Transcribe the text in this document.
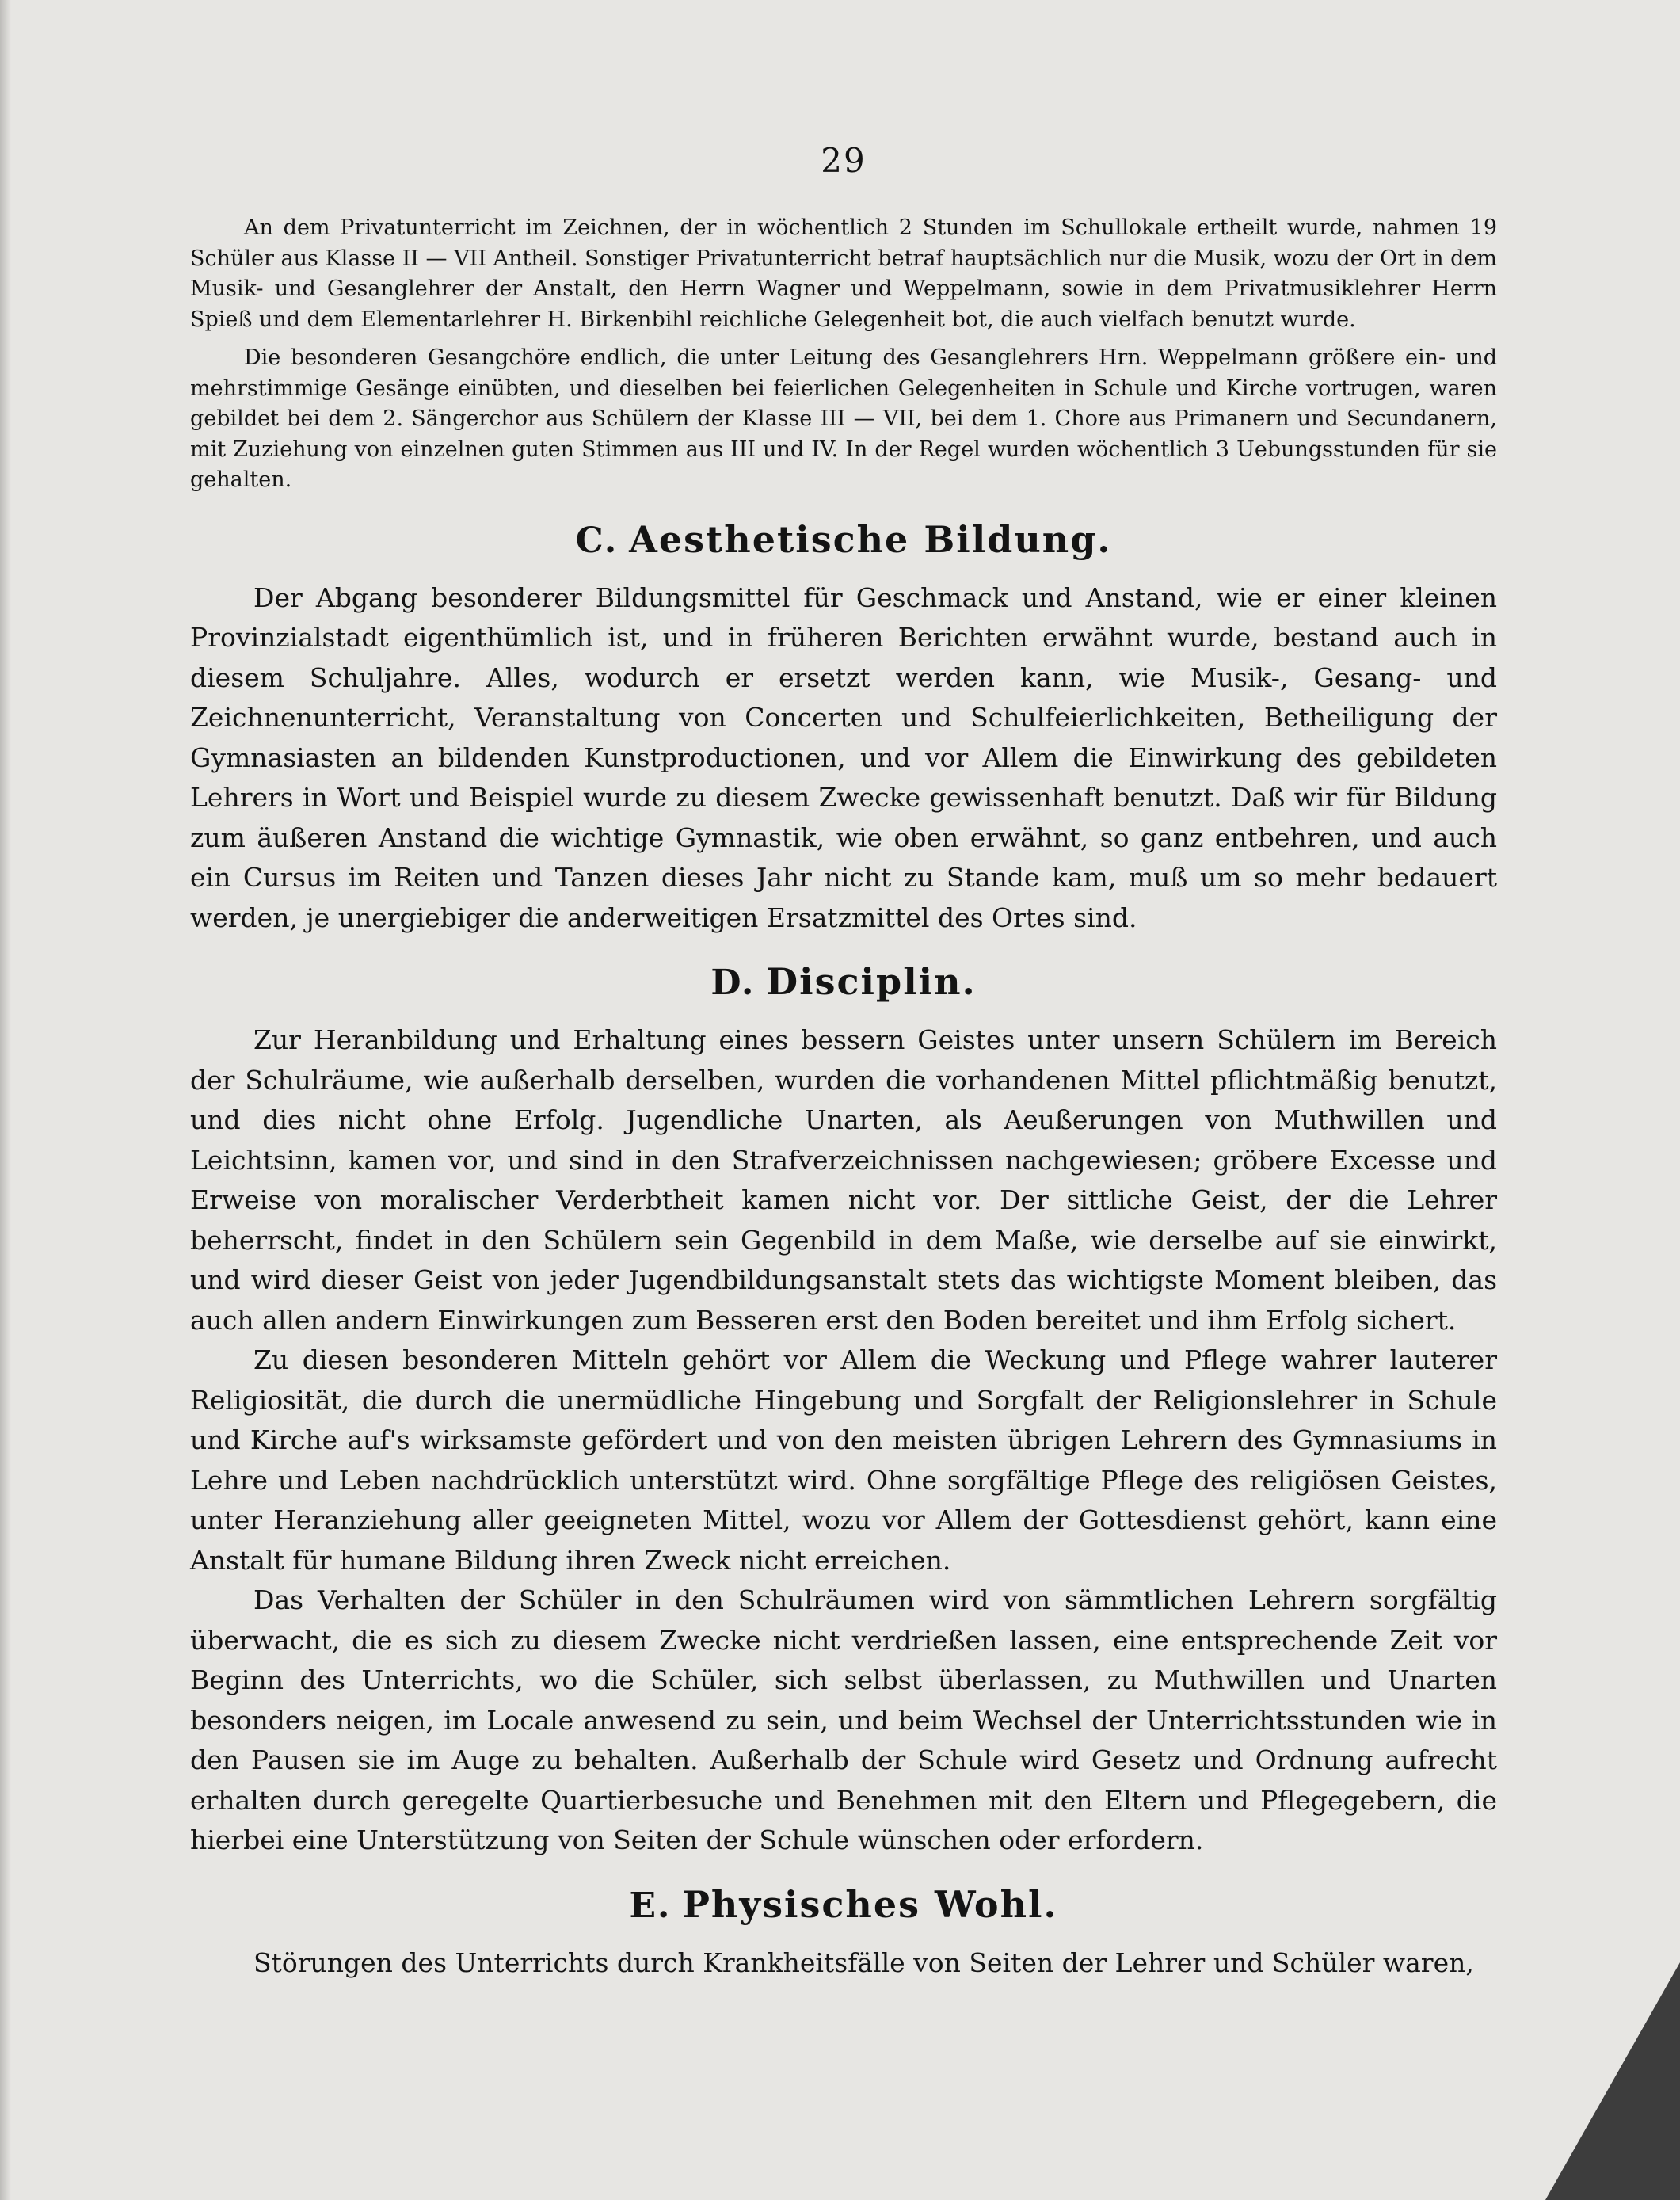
29

An dem Privatunterricht im Zeichnen, der in wöchentlich 2 Stunden im Schullokale ertheilt wurde, nahmen 19 Schüler aus Klasse II — VII Antheil. Sonstiger Privatunterricht betraf hauptsächlich nur die Musik, wozu der Ort in dem Musik- und Gesanglehrer der Anstalt, den Herrn Wagner und Weppelmann, sowie in dem Privatmusiklehrer Herrn Spieß und dem Elementarlehrer H. Birkenbihl reichliche Gelegenheit bot, die auch vielfach benutzt wurde.

Die besonderen Gesangchöre endlich, die unter Leitung des Gesanglehrers Hrn. Weppelmann größere ein- und mehrstimmige Gesänge einübten, und dieselben bei feierlichen Gelegenheiten in Schule und Kirche vortrugen, waren gebildet bei dem 2. Sängerchor aus Schülern der Klasse III — VII, bei dem 1. Chore aus Primanern und Secundanern, mit Zuziehung von einzelnen guten Stimmen aus III und IV. In der Regel wurden wöchentlich 3 Uebungsstunden für sie gehalten.

C. Aesthetische Bildung.

Der Abgang besonderer Bildungsmittel für Geschmack und Anstand, wie er einer kleinen Provinzialstadt eigenthümlich ist, und in früheren Berichten erwähnt wurde, bestand auch in diesem Schuljahre. Alles, wodurch er ersetzt werden kann, wie Musik-, Gesang- und Zeichnenunterricht, Veranstaltung von Concerten und Schulfeierlichkeiten, Betheiligung der Gymnasiasten an bildenden Kunstproductionen, und vor Allem die Einwirkung des gebildeten Lehrers in Wort und Beispiel wurde zu diesem Zwecke gewissenhaft benutzt. Daß wir für Bildung zum äußeren Anstand die wichtige Gymnastik, wie oben erwähnt, so ganz entbehren, und auch ein Cursus im Reiten und Tanzen dieses Jahr nicht zu Stande kam, muß um so mehr bedauert werden, je unergiebiger die anderweitigen Ersatzmittel des Ortes sind.

D. Disciplin.

Zur Heranbildung und Erhaltung eines bessern Geistes unter unsern Schülern im Bereich der Schulräume, wie außerhalb derselben, wurden die vorhandenen Mittel pflichtmäßig benutzt, und dies nicht ohne Erfolg. Jugendliche Unarten, als Aeußerungen von Muthwillen und Leichtsinn, kamen vor, und sind in den Strafverzeichnissen nachgewiesen; gröbere Excesse und Erweise von moralischer Verderbtheit kamen nicht vor. Der sittliche Geist, der die Lehrer beherrscht, findet in den Schülern sein Gegenbild in dem Maße, wie derselbe auf sie einwirkt, und wird dieser Geist von jeder Jugendbildungsanstalt stets das wichtigste Moment bleiben, das auch allen andern Einwirkungen zum Besseren erst den Boden bereitet und ihm Erfolg sichert.

Zu diesen besonderen Mitteln gehört vor Allem die Weckung und Pflege wahrer lauterer Religiosität, die durch die unermüdliche Hingebung und Sorgfalt der Religionslehrer in Schule und Kirche auf's wirksamste gefördert und von den meisten übrigen Lehrern des Gymnasiums in Lehre und Leben nachdrücklich unterstützt wird. Ohne sorgfältige Pflege des religiösen Geistes, unter Heranziehung aller geeigneten Mittel, wozu vor Allem der Gottesdienst gehört, kann eine Anstalt für humane Bildung ihren Zweck nicht erreichen.

Das Verhalten der Schüler in den Schulräumen wird von sämmtlichen Lehrern sorgfältig überwacht, die es sich zu diesem Zwecke nicht verdrießen lassen, eine entsprechende Zeit vor Beginn des Unterrichts, wo die Schüler, sich selbst überlassen, zu Muthwillen und Unarten besonders neigen, im Locale anwesend zu sein, und beim Wechsel der Unterrichtsstunden wie in den Pausen sie im Auge zu behalten. Außerhalb der Schule wird Gesetz und Ordnung aufrecht erhalten durch geregelte Quartierbesuche und Benehmen mit den Eltern und Pflegegebern, die hierbei eine Unterstützung von Seiten der Schule wünschen oder erfordern.

E. Physisches Wohl.

Störungen des Unterrichts durch Krankheitsfälle von Seiten der Lehrer und Schüler waren,
